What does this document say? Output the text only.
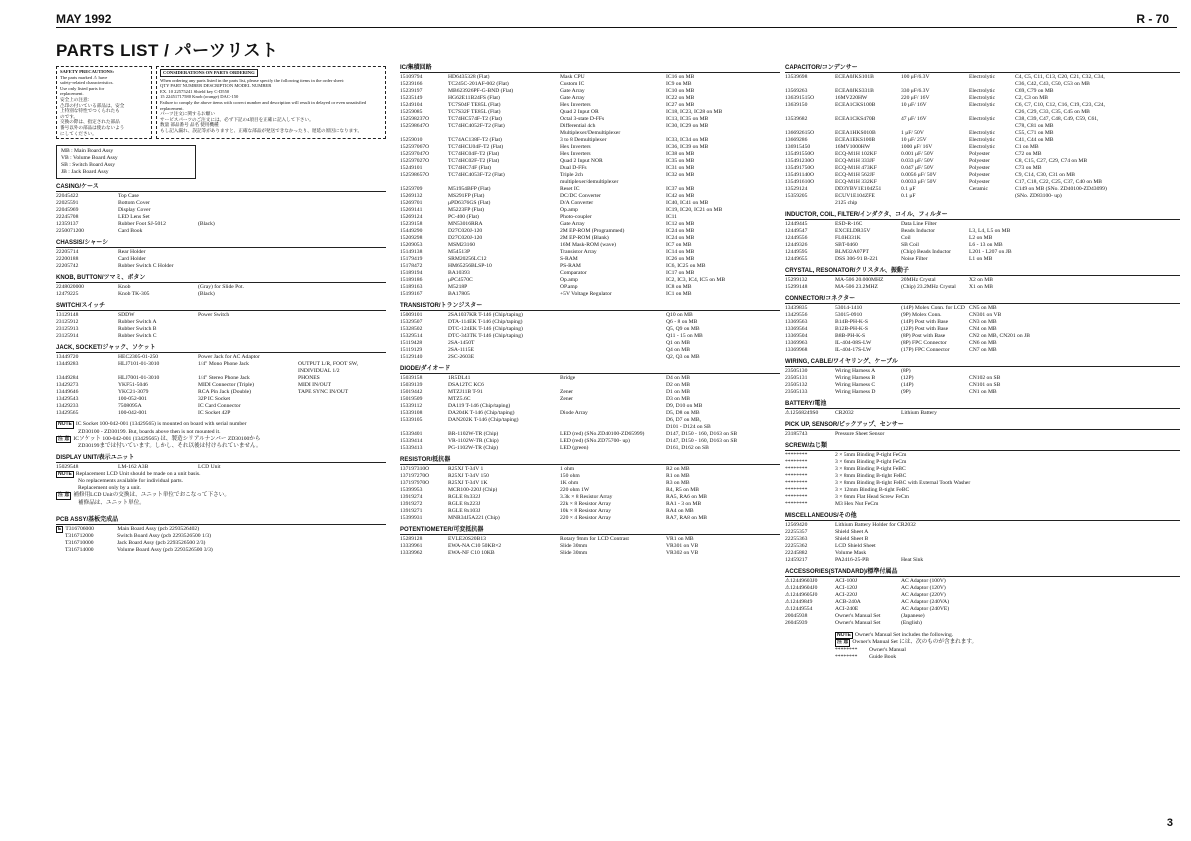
MAY 1992	R - 70
PARTS LIST / パーツリスト
SAFETY PRECAUTIONS:
The parts marked ⚠ have
safety-related characteristics.
Use only listed parts for
replacement.
安全上の注意：
⚠印の付いている部品は、安全
上特別な特性でつくられたも
のです。
交換の際は、指定された部品
番号以外の部品は使わないよう
にしてください。
CONSIDERATIONS ON PARTS ORDERING
When ordering any parts listed in the parts list, please specify the following items in the order sheet:
QTY PART NUMBER DESCRIPTION MODEL NUMBER
EX. 10 22575241 Shield key C-D550
15 22451717580 Knob (orange) DAC-150
Failure to comply the above items with correct number and description will result in delayed or even unsatisfied replacement.
パーツ注文に関するお願い
サービスパーツのご注文には、必ず下記の4項目を正確に記入して下さい。
数量 部品番号 品名 使用機種
もし記入漏れ、誤記等がありますと、正確な部品が発送できなかったり、遅延の原因になります。
MB : Main Board Assy
VB : Volume Board Assy
SB : Switch Board Assy
JB : Jack Board Assy
CASING/ケース
22045422	Top Case
22025591	Bottom Cover
22045969	Display Cover
22245708	LED Lens Set
12359137	Rubber Foot SJ-5012	(Black)
2250071200	Card Book
CHASSIS/シャーシ
22205714	Rear Holder
22200188	Card Holder
22205742	Rubber Switch C Holder
KNOB, BUTTON/ツマミ、ボタン
2248020000	Knob	(Gray) for Slide Pot.
12479225	Knob TK-305	(Black)
SWITCH/スイッチ
13129148	SDDW	Power Switch
23125912	Rubber Switch A
23125913	Rubber Switch B
23125914	Rubber Switch C
JACK, SOCKET/ジャック、ソケット
13449720	HEC2305-01-250	Power Jack for AC Adaptor
13449283	HLJ7101-01-3010	1/4" Mono Phone Jack	OUTPUT L/R, FOOT SW,
INDIVIDUAL 1/2
13449284	HLJ7001-01-3010	1/4" Stereo Phone Jack	PHONES
13429273	YKF51-5046	MIDI Connector (Triple)	MIDI IN/OUT
13449646	YKC21-3079	RCA Pin Jack (Double)	TAPE SYNC IN/OUT
13429543	100-052-001	32P IC Socket
13429233	7508095A	IC Card Connector
13429565	100-042-001	IC Socket 42P
NOTE IC Socket 100-042-001 (13429565) is mounted on board with serial number
ZD30100 - ZD30199. But, boards above then is not mounted it.
注 意 ICソケット 100-042-001 (13429565) は、製造シリアルナンバー ZD30100から
ZD30199までは付いています。しかし、それ以後は付けられていません。
DISPLAY UNIT/表示ユニット
15029548	LM-162 A3B	LCD Unit
NOTE Replacement LCD Unit should be made on a unit basis.
No replacements available for individual parts.
Replacement only by a unit.
注 意 補修用LCD Unitの交換は、ユニット単位でおこなって下さい。
補修品は、ユニット単位。
PCB ASSY/基板完成品
E T316706000	Main Board Assy (pcb 2293526402)
T316712000	Switch Board Assy (pcb 2293526500 1/3)
T316710000	Jack Board Assy (pcb 2293526500 2/3)
T316714000	Volume Board Assy (pcb 2293526500 3/3)
IC/集積回路
15109794	HD6435328 (Flat)	Mask CPU	IC16 on MB
15239166	TC245C-201AF-002 (Flat)	Custom IC	IC9 on MB
15239197	MB623926PF-G-BND (Flat)	Gate Array	IC10 on MB
15235149	HG62E11B24FS (Flat)	Gate Array	IC22 on MB
15249104	TC7S04F TE85L (Flat)	Hex Inverters	IC27 on MB
15259085	TC7S32F TE85L (Flat)	Quad 2 Input OR	IC18, IC23, IC28 on MB
152598237O	TC74HC574F-T2 (Flat)	Octal 3-state D-FFs	IC13, IC35 on MB
152598647O	TC74HC4052F-T2 (Flat)	Differential 4ch	IC30, IC29 on MB
Multiplexer/Demultiplexer
15259010	TC74AC138F-T2 (Flat)	3 to 8 Demultiplexer	IC33, IC34 on MB
152597067O	TC74HCU04F-T2 (Flat)	Hex Inverters	IC36, IC39 on MB
152597047O	TC74HC04F-T2 (Flat)	Hex Inverters	IC38 on MB
152597027O	TC74HC02F-T2 (Flat)	Quad 2 Input NOR	IC35 on MB
15249101	TC74HC74F (Flat)	Dual D-FFs	IC31 on MB
152598657O	TC74HC4053F-T2 (Flat)	Triple 2ch	IC32 on MB
multiplexer/demultiplexer
15259709	M51954BFP (Flat)	Reset IC	IC37 on MB
15269132	MS291FP (Flat)	DC/DC Converter	IC42 on MB
15269701	μPD6376GS (Flat)	D/A Converter	IC40, IC41 on MB
15269141	M5223FP (Flat)	Op.amp	IC19, IC20, IC21 on MB
15269124	PC-400 (Flat)	Photo-coupler	IC11
15239158	MN53016RRA	Gate Array	IC12 on MB
15449290	D27C020J-120	2M EP-ROM (Programmed)	IC24 on MB
15209298	D27C020J-120	2M EP-ROM (Blank)	IC24 on MB
15209053	MSM23160	16M Mask-ROM (wave)	IC7 on MB
15149138	M54513P	Transistor Array	IC14 on MB
15179419	SRM20256LC12	S-RAM	IC26 on MB
15178472	HM65256BLSP-10	PS-RAM	IC6, IC25 on MB
15189194	BA10393	Comparator	IC17 on MB
15189186	μPC4570C	Op.amp	IC2, IC3, IC4, IC5 on MB
15189163	M5218P	OP.amp	IC8 on MB
15199167	BA17805	+5V Voltage Regulator	IC1 on MB
TRANSISTOR/トランジスター
15009101	2SA1037KR T-146 (Chip/taping)	Q10 on MB
15329507	DTA-114EK T-146 (Chip/taping)	Q6 - 8 on MB
15328502	DTC-124EK T-146 (Chip/taping)	Q5, Q9 on MB
15329514	DTC-343TK T-146 (Chip/taping)	Q11 - 15 on MB
15119428	2SA-1450T	Q1 on MB
15119129	2SA-1115E	Q4 on MB
15129140	2SC-2603E	Q2, Q3 on MB
DIODE/ダイオード
15039158	1R5DL41	Bridge	D4 on MB
15039139	DSA12TC KC6	D2 on MB
15019442	MTZJ11B T-91	Zener	D1 on MB
15019509	MTZ5.6C	Zener	D3 on MB
15339112	DA119 T-146 (Chip/taping)	D9, D10 on MB
15339108	DA204K T-146 (Chip/taping)	Diode Array	D5, D8 on MB
15339105	DAN202K T-146 (Chip/taping)	D6, D7 on MB,
D101 - D124 on SB
15339401	BR-1102W-TR (Chip)	LED (red) (SNo.ZD40100-ZD65999)	D147, D150 - 160, D163 on SB
15339414	VR-1102W-TR (Chip)	LED (red) (SNo.ZD75700- up)	D147, D150 - 160, D163 on SB
15339413	PG-1102W-TR (Chip)	LED (green)	D161, D162 on SB
RESISTOR/抵抗器
137197310O	R25XJ T-34V 1	1 ohm	R2 on MB
137197270O	R25XJ T-34V 150	150 ohm	R1 on MB
137197970O	R25XJ T-34V 1K	1K ohm	R3 on MB
15399953	MCR100-220J (Chip)	220 ohm 1W	R4, R5 on MB
13919274	RGLE 8x332J	3.3k × 8 Resistor Array	RA5, RA6 on MB
13919272	RGLE 8x223J	22k × 8 Resistor Array	RA1 - 3 on MB
13919271	RGLE 8x103J	10k × 8 Resistor Array	RA4 on MB
15399931	MNR34J5A221 (Chip)	220 × 4 Resistor Array	RA7, RA8 on MB
POTENTIOMETER/可変抵抗器
15289128	EVLE20S20B13	Rotary 9mm for LCD Contrast	VR1 on MB
13339961	EWA-NA C10 50KB×2	Slide 30mm	VR301 on VB
13339962	EWA-NF C10 10KB	Slide 30mm	VR302 on VB
CAPACITOR/コンデンサー
13539698	ECEA0JKS101B	100 μF/6.3V	Electrolytic	C4, C5, C11, C13, C20, C21, C32, C34,
C36, C42, C43, C50, C53 on MB
13569263	ECEA0JKS331B	330 μF/6.3V	Electrolytic	C69, C79 on MB
136391515O	16MV220HW	220 μF/ 16V	Electrolytic	C2, C3 on MB
13639150	ECEA1CKS100B	10 μF/ 16V	Electrolytic	C6, C7, C10, C12, C16, C19, C23, C24,
C26, C29, C33, C35, C45 on MB
13539682	ECEA1CKS470B	47 μF/ 16V	Electrolytic	C38, C39, C47, C48, C49, C59, C61,
C78, C81 on MB
136692615O	ECEA1HKS010B	1 μF/ 50V	Electrolytic	C55, C71 on MB
13669286	ECEA1EKS100B	10 μF/ 25V	Electrolytic	C41, C44 on MB
136915450	16MV1000HW	1000 μF/ 16V	Electrolytic	C1 on MB
135491550O	ECQ-M1H 102KF	0.001 μF/ 50V	Polyester	C72 on MB
135491230O	ECQ-M1H 333JF	0.033 μF/ 50V	Polyester	C8, C15, C27, C29, C74 on MB
135491750O	ECQ-M1H 473KF	0.047 μF/ 50V	Polyester	C73 on MB
135491140O	ECQ-M1H 562JF	0.0056 μF/ 50V	Polyester	C9, C14, C30, C31 on MB
135491610O	ECQ-M1H 332KF	0.0033 μF/ 50V	Polyester	C17, C18, C22, C25, C37, C40 on MB
13529124	DD3YBV1E104Z51	0.1 μF	Ceramic	C149 on MB (SNo. ZD40100-ZD43099)
15359205	ECUV1E104ZFE	0.1 μF	(SNo. ZD83100- up)
2125 chip
INDUCTOR, COIL, FILTER/インダクタ、コイル、フィルター
12449445	ESD-R-16C	Data Line Filter
12449547	EXCELDR35V	Beads Inductor	L3, L4, L5 on MB
12449556	FL0H331K	Coil	L2 on MB
12449326	SBT-0460	SB Coil	L6 - 13 on MB
12449595	BLM32A07PT	(Chip) Beads Inductor	L201 - L207 on JB
12449655	DSS 306-91 B-221	Noise Filter	L1 on MB
CRYSTAL, RESONATOR/クリスタル、振動子
15299132	MA-506 20.000MHZ	20MHz Crystal	X2 on MB
15299148	MA-506 23.2MHZ	(Chip) 23.2MHz Crystal	X1 on MB
CONNECTOR/コネクター
13439835	53014-1410	(14P) Molex Conn. for LCD CN5 on MB
13429556	53015-0910	(9P) Molex Conn.	CN301 on VB
13369563	B14B-PH-K-S	(14P) Post with Base	CN3 on MB
13369564	B12B-PH-K-S	(12P) Post with Base	CN4 on MB
13369504	B8B-PH-K-S	(8P) Post with Base	CN2 on MB, CN201 on JB
13369963	IL-404-08S-LW	(8P) FPC Connector	CN6 on MB
13369968	IL-404-17S-LW	(17P) FPC Connector	CN7 on MB
WIRING, CABLE/ワイヤリング、ケーブル
23505130	Wiring Harness A	(8P)
23505131	Wiring Harness B	(12P)	CN102 on SB
23505132	Wiring Harness C	(14P)	CN101 on SB
23505133	Wiring Harness D	(9P)	CN1 on MB
BATTERY/電池
⚠12568249S0	CR2032	Lithium Battery
PICK UP, SENSOR/ピックアップ、センサー
23185743	Pressure Sheet Sensor
SCREW/ねじ類
********	2 × 5mm Binding P-tight FeCm
********	3 × 6mm Binding P-tight FeCm
********	3 × 8mm Binding P-tight FeBC
********	3 × 8mm Binding B-tight FeBC
********	3 × 8mm Binding B-tight FeBC with External Tooth Washer
********	3 × 12mm Binding B-tight FeBC
********	3 × 6mm Flat Head Screw FeCm
********	M3 Hex Nut FeCm
MISCELLANEOUS/その他
12569420	Lithium Battery Holder for CR2032
22255357	Shield Sheet A
22255363	Shield Sheet B
22255362	LCD Shield Sheet
22245882	Volume Mask
12459217	PA2416-25-PB	Heat Sink
ACCESSORIES(STANDARD)/標準付属品
⚠12449603J0	ACI-100J	AC Adaptor (100V)
⚠12449604J0	ACI-120J	AC Adaptor (120V)
⚠12449605J0	ACI-220J	AC Adaptor (220V)
⚠12449849	ACB-240A	AC Adaptor (240VA)
⚠12449554	ACI-240E	AC Adaptor (240VE)
20045938	Owner's Manual Set	(Japanese)
26045939	Owner's Manual Set	(English)
NOTE Owner's Manual Set includes the following.
注 意 Owner's Manual Set には、次のものが含まれます。
********	Owner's Manual
********	Guide Book
3
